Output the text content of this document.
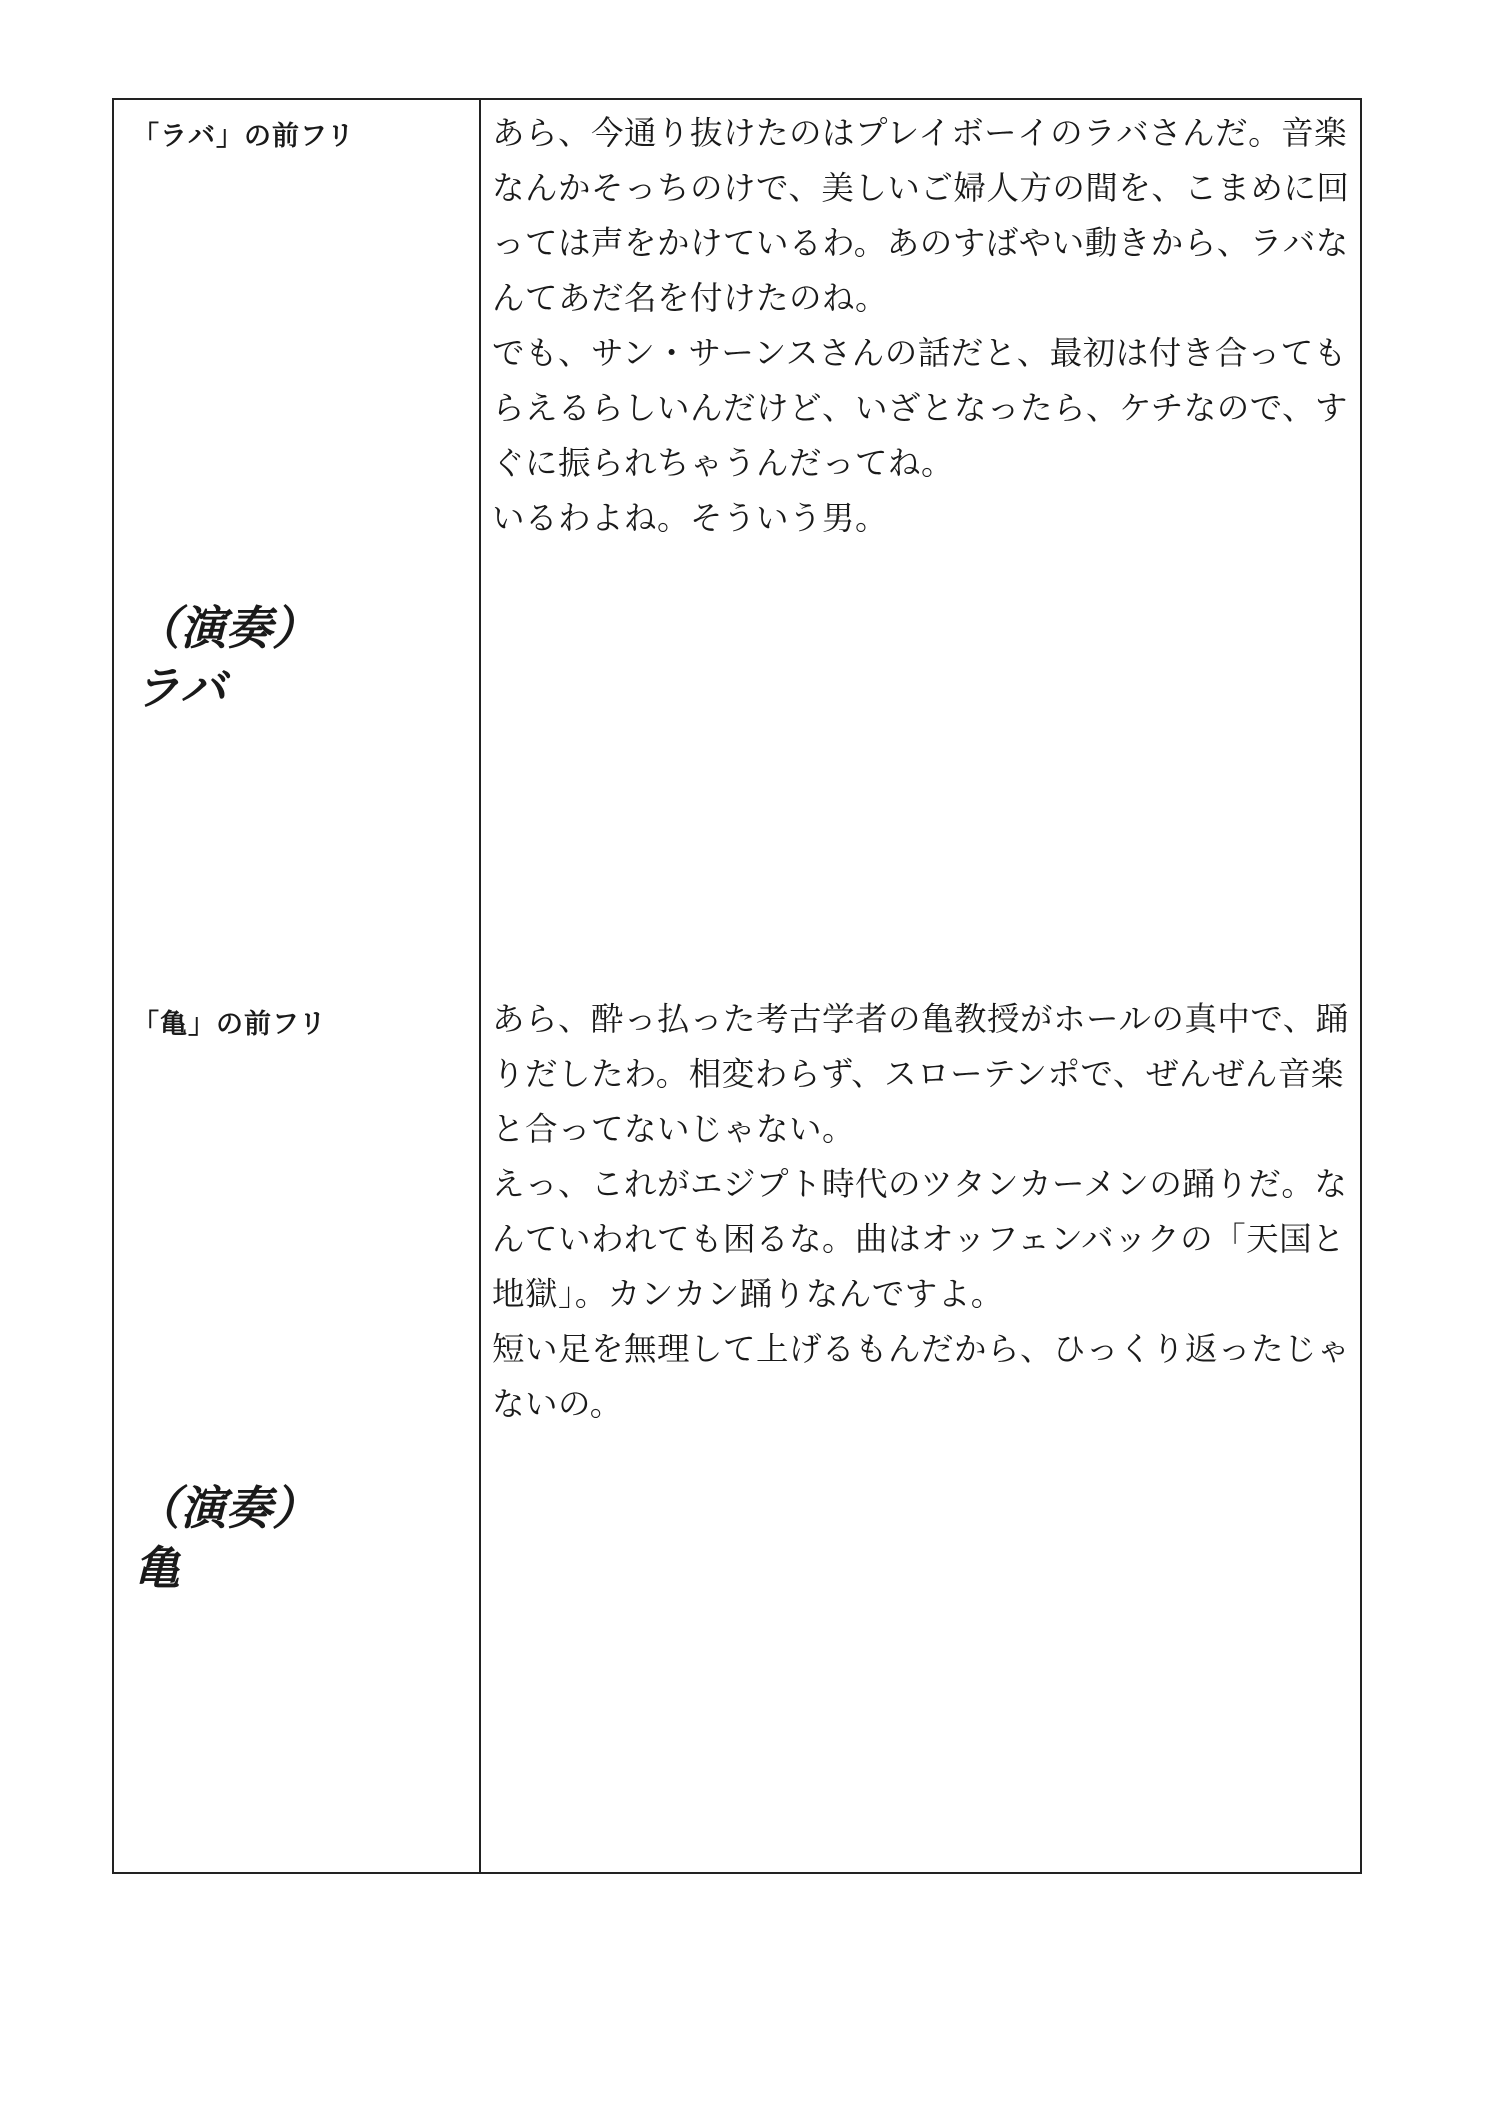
「ラバ」の前フリ	あら、今通り抜けたのはプレイボーイのラバさんだ。音楽なんかそっちのけで、美しいご婦人方の間を、こまめに回っては声をかけているわ。あのすばやい動きから、ラバなんてあだ名を付けたのね。

でも、サン・サーンスさんの話だと、最初は付き合ってもらえるらしいんだけど、いざとなったら、ケチなので、すぐに振られちゃうんだってね。

いるわよね。そういう男。

（演奏）
ラバ
「亀」の前フリ	あら、酔っ払った考古学者の亀教授がホールの真中で、踊りだしたわ。相変わらず、スローテンポで、ぜんぜん音楽と合ってないじゃない。

えっ、これがエジプト時代のツタンカーメンの踊りだ。なんていわれても困るな。曲はオッフェンバックの「天国と地獄」。カンカン踊りなんですよ。

短い足を無理して上げるもんだから、ひっくり返ったじゃないの。

（演奏）
亀
